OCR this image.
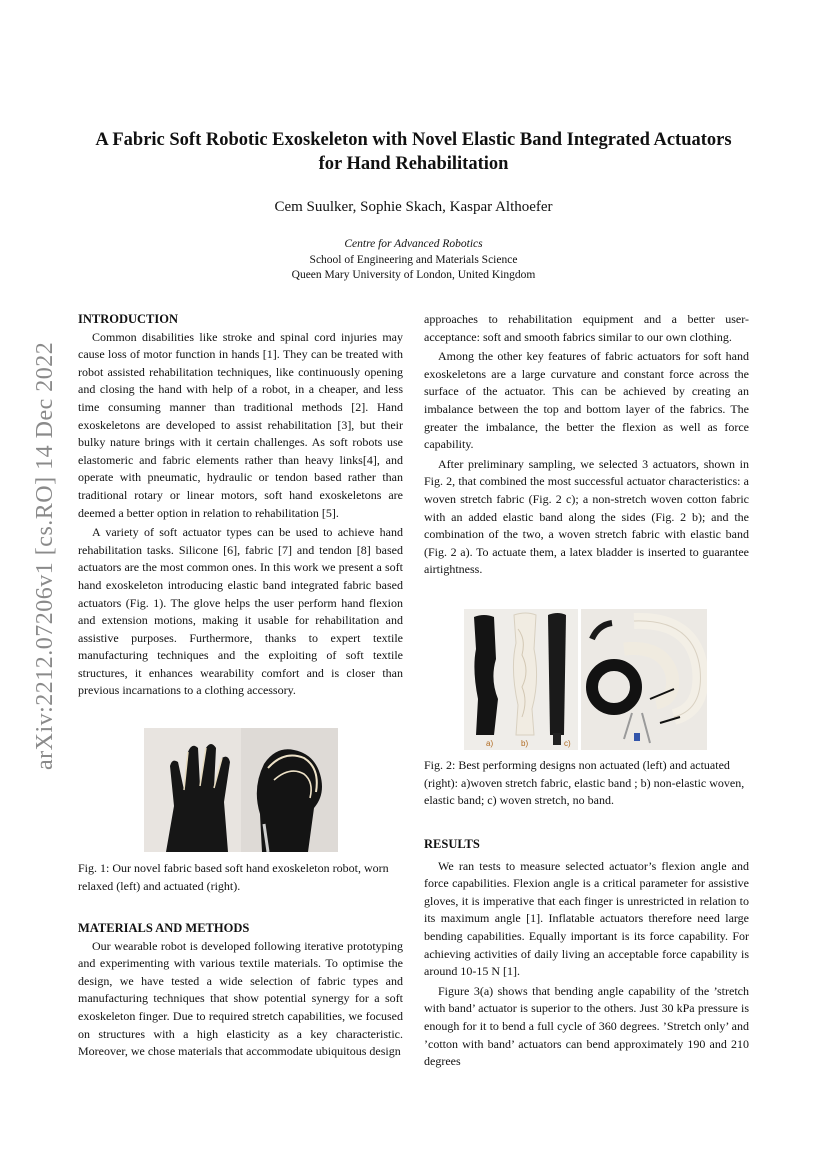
arXiv:2212.07206v1 [cs.RO] 14 Dec 2022
A Fabric Soft Robotic Exoskeleton with Novel Elastic Band Integrated Actuators
for Hand Rehabilitation
Cem Suulker, Sophie Skach, Kaspar Althoefer
Centre for Advanced Robotics
School of Engineering and Materials Science
Queen Mary University of London, United Kingdom
INTRODUCTION

Common disabilities like stroke and spinal cord injuries may cause loss of motor function in hands [1]. They can be treated with robot assisted rehabilitation techniques, like continuously opening and closing the hand with help of a robot, in a cheaper, and less time consuming manner than traditional methods [2]. Hand exoskeletons are developed to assist rehabilitation [3], but their bulky nature brings with it certain challenges. As soft robots use elastomeric and fabric elements rather than heavy links[4], and operate with pneumatic, hydraulic or tendon based rather than traditional rotary or linear motors, soft hand exoskeletons are deemed a better option in relation to rehabilitation [5].

A variety of soft actuator types can be used to achieve hand rehabilitation tasks. Silicone [6], fabric [7] and tendon [8] based actuators are the most common ones. In this work we present a soft hand exoskeleton introducing elastic band integrated fabric based actuators (Fig. 1). The glove helps the user perform hand flexion and extension motions, making it usable for rehabilitation and assistive purposes. Furthermore, thanks to expert textile manufacturing techniques and the exploiting of soft textile structures, it enhances wearability comfort and is closer than previous incarnations to a clothing accessory.

Fig. 1: Our novel fabric based soft hand exoskeleton robot, worn relaxed (left) and actuated (right).
MATERIALS AND METHODS

Our wearable robot is developed following iterative prototyping and experimenting with various textile materials. To optimise the design, we have tested a wide selection of fabric types and manufacturing techniques that show potential synergy for a soft exoskeleton finger. Due to required stretch capabilities, we focused on structures with a high elasticity as a key characteristic. Moreover, we chose materials that accommodate ubiquitous design

approaches to rehabilitation equipment and a better user-acceptance: soft and smooth fabrics similar to our own clothing.

Among the other key features of fabric actuators for soft hand exoskeletons are a large curvature and constant force across the surface of the actuator. This can be achieved by creating an imbalance between the top and bottom layer of the fabrics. The greater the imbalance, the better the flexion as well as force capability.

After preliminary sampling, we selected 3 actuators, shown in Fig. 2, that combined the most successful actuator characteristics: a woven stretch fabric (Fig. 2 c); a non-stretch woven cotton fabric with an added elastic band along the sides (Fig. 2 b); and the combination of the two, a woven stretch fabric with elastic band (Fig. 2 a). To actuate them, a latex bladder is inserted to guarantee airtightness.

a)	b)	c)
Fig. 2: Best performing designs non actuated (left) and actuated (right): a)woven stretch fabric, elastic band ; b) non-elastic woven, elastic band; c) woven stretch, no band.
RESULTS

We ran tests to measure selected actuator’s flexion angle and force capabilities. Flexion angle is a critical parameter for assistive gloves, it is imperative that each finger is unrestricted in relation to its maximum angle [1]. Inflatable actuators therefore need large bending capabilities. Equally important is its force capability. For achieving activities of daily living an acceptable force capability is around 10-15 N [1].

Figure 3(a) shows that bending angle capability of the ’stretch with band’ actuator is superior to the others. Just 30 kPa pressure is enough for it to bend a full cycle of 360 degrees. ’Stretch only’ and ’cotton with band’ actuators can bend approximately 190 and 210 degrees
